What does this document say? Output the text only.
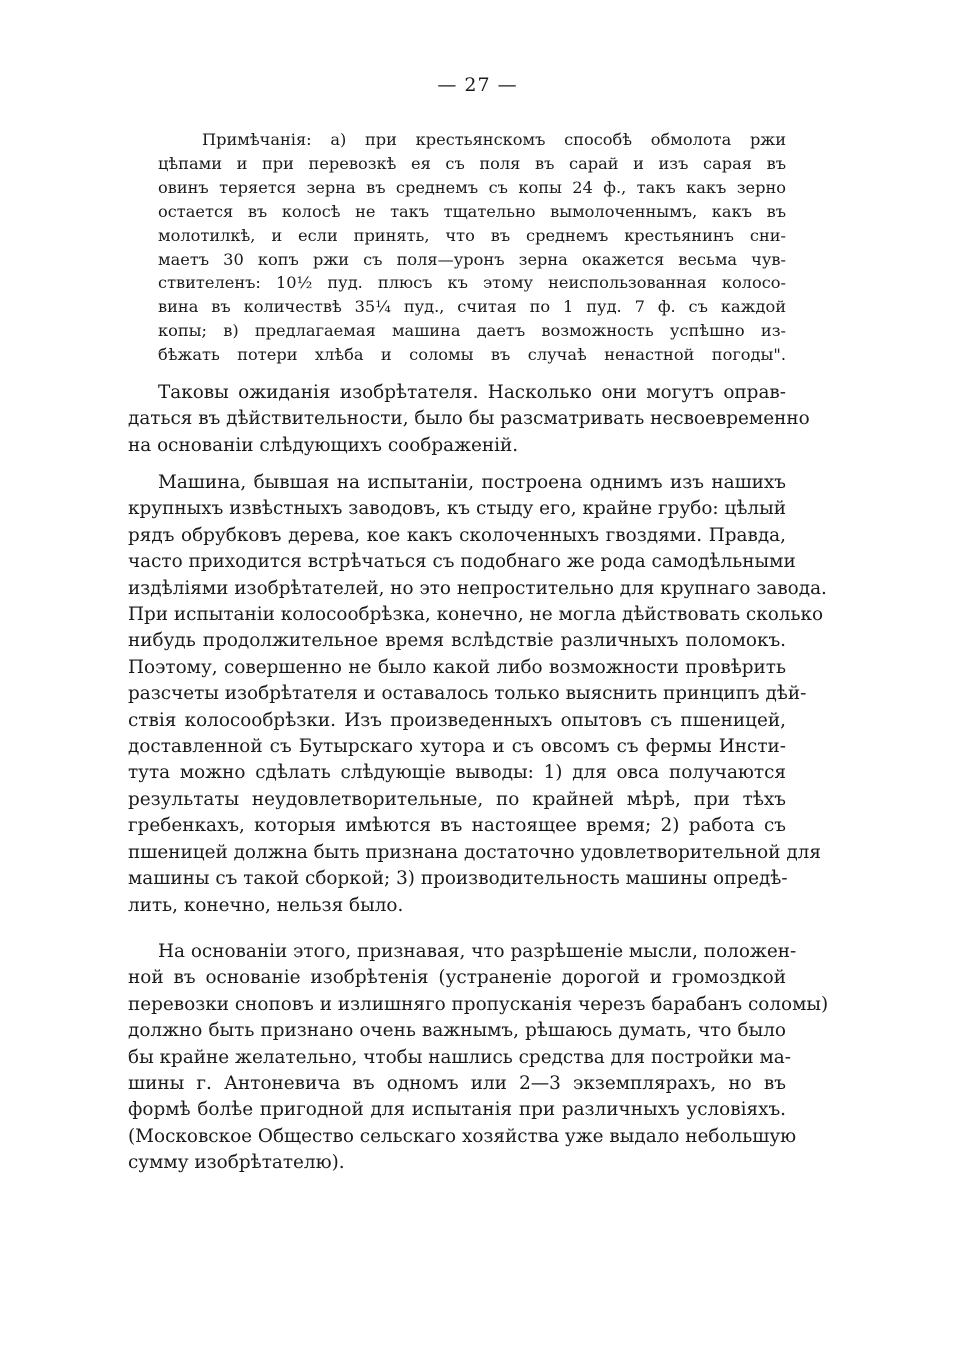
— 27 —
Примѣчанія: а) при крестьянскомъ способѣ обмолота ржи
цѣпами и при перевозкѣ ея съ поля въ сарай и изъ сарая въ
овинъ теряется зерна въ среднемъ съ копы 24 ф., такъ какъ зерно
остается въ колосѣ не такъ тщательно вымолоченнымъ, какъ въ
молотилкѣ, и если принять, что въ среднемъ крестьянинъ сни-
маетъ 30 копъ ржи съ поля—уронъ зерна окажется весьма чув-
ствителенъ: 10½ пуд. плюсъ къ этому неиспользованная колосо-
вина въ количествѣ 35¼ пуд., считая по 1 пуд. 7 ф. съ каждой
копы; в) предлагаемая машина даетъ возможность успѣшно из-
бѣжать потери хлѣба и соломы въ случаѣ ненастной погоды".
Таковы ожиданія изобрѣтателя. Насколько они могутъ оправ-
даться въ дѣйствительности, было бы разсматривать несвоевременно
на основаніи слѣдующихъ соображеній.
Машина, бывшая на испытаніи, построена однимъ изъ нашихъ
крупныхъ извѣстныхъ заводовъ, къ стыду его, крайне грубо: цѣлый
рядъ обрубковъ дерева, кое какъ сколоченныхъ гвоздями. Правда,
часто приходится встрѣчаться съ подобнаго же рода самодѣльными
издѣліями изобрѣтателей, но это непростительно для крупнаго завода.
При испытаніи колосообрѣзка, конечно, не могла дѣйствовать сколько
нибудь продолжительное время вслѣдствіе различныхъ поломокъ.
Поэтому, совершенно не было какой либо возможности провѣрить
разсчеты изобрѣтателя и оставалось только выяснить принципъ дѣй-
ствія колосообрѣзки. Изъ произведенныхъ опытовъ съ пшеницей,
доставленной съ Бутырскаго хутора и съ овсомъ съ фермы Инсти-
тута можно сдѣлать слѣдующіе выводы: 1) для овса получаются
результаты неудовлетворительные, по крайней мѣрѣ, при тѣхъ
гребенкахъ, которыя имѣются въ настоящее время; 2) работа съ
пшеницей должна быть признана достаточно удовлетворительной для
машины съ такой сборкой; 3) производительность машины опредѣ-
лить, конечно, нельзя было.
На основаніи этого, признавая, что разрѣшеніе мысли, положен-
ной въ основаніе изобрѣтенія (устраненіе дорогой и громоздкой
перевозки сноповъ и излишняго пропусканія черезъ барабанъ соломы)
должно быть признано очень важнымъ, рѣшаюсь думать, что было
бы крайне желательно, чтобы нашлись средства для постройки ма-
шины г. Антоневича въ одномъ или 2—3 экземплярахъ, но въ
формѣ болѣе пригодной для испытанія при различныхъ условіяхъ.
(Московское Общество сельскаго хозяйства уже выдало небольшую
сумму изобрѣтателю).
